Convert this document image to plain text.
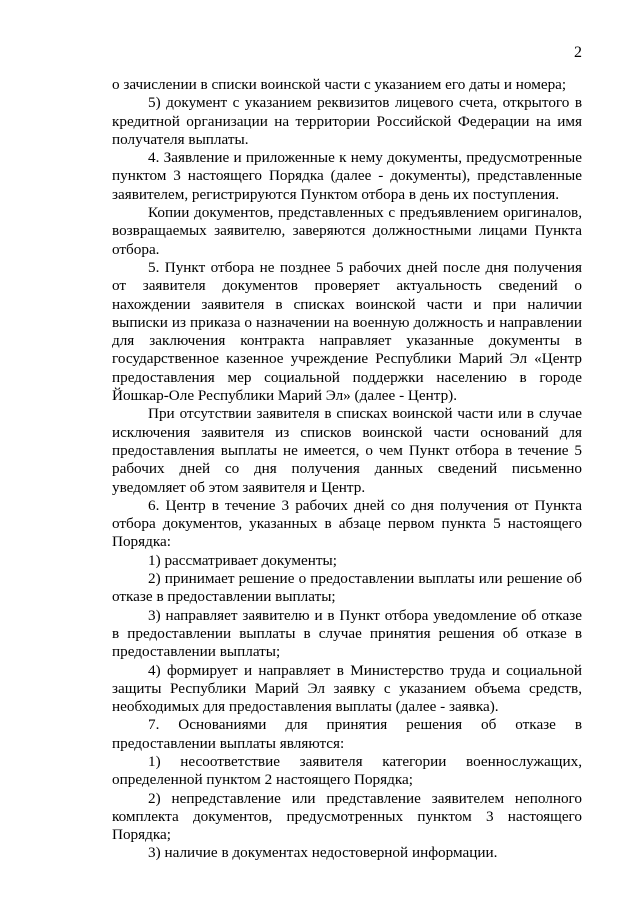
2

о зачислении в списки воинской части с указанием его даты и номера;

5) документ с указанием реквизитов лицевого счета, открытого в кредитной организации на территории Российской Федерации на имя получателя выплаты.

4. Заявление и приложенные к нему документы, предусмотренные пунктом 3 настоящего Порядка (далее - документы), представленные заявителем, регистрируются Пунктом отбора в день их поступления.

Копии документов, представленных с предъявлением оригиналов, возвращаемых заявителю, заверяются должностными лицами Пункта отбора.

5. Пункт отбора не позднее 5 рабочих дней после дня получения от заявителя документов проверяет актуальность сведений о нахождении заявителя в списках воинской части и при наличии выписки из приказа о назначении на военную должность и направлении для заключения контракта направляет указанные документы в государственное казенное учреждение Республики Марий Эл «Центр предоставления мер социальной поддержки населению в городе Йошкар-Оле Республики Марий Эл» (далее - Центр).

При отсутствии заявителя в списках воинской части или в случае исключения заявителя из списков воинской части оснований для предоставления выплаты не имеется, о чем Пункт отбора в течение 5 рабочих дней со дня получения данных сведений письменно уведомляет об этом заявителя и Центр.

6. Центр в течение 3 рабочих дней со дня получения от Пункта отбора документов, указанных в абзаце первом пункта 5 настоящего Порядка:

1) рассматривает документы;

2) принимает решение о предоставлении выплаты или решение об отказе в предоставлении выплаты;

3) направляет заявителю и в Пункт отбора уведомление об отказе в предоставлении выплаты в случае принятия решения об отказе в предоставлении выплаты;

4) формирует и направляет в Министерство труда и социальной защиты Республики Марий Эл заявку с указанием объема средств, необходимых для предоставления выплаты (далее - заявка).

7. Основаниями для принятия решения об отказе в предоставлении выплаты являются:

1) несоответствие заявителя категории военнослужащих, определенной пунктом 2 настоящего Порядка;

2) непредставление или представление заявителем неполного комплекта документов, предусмотренных пунктом 3 настоящего Порядка;

3) наличие в документах недостоверной информации.
